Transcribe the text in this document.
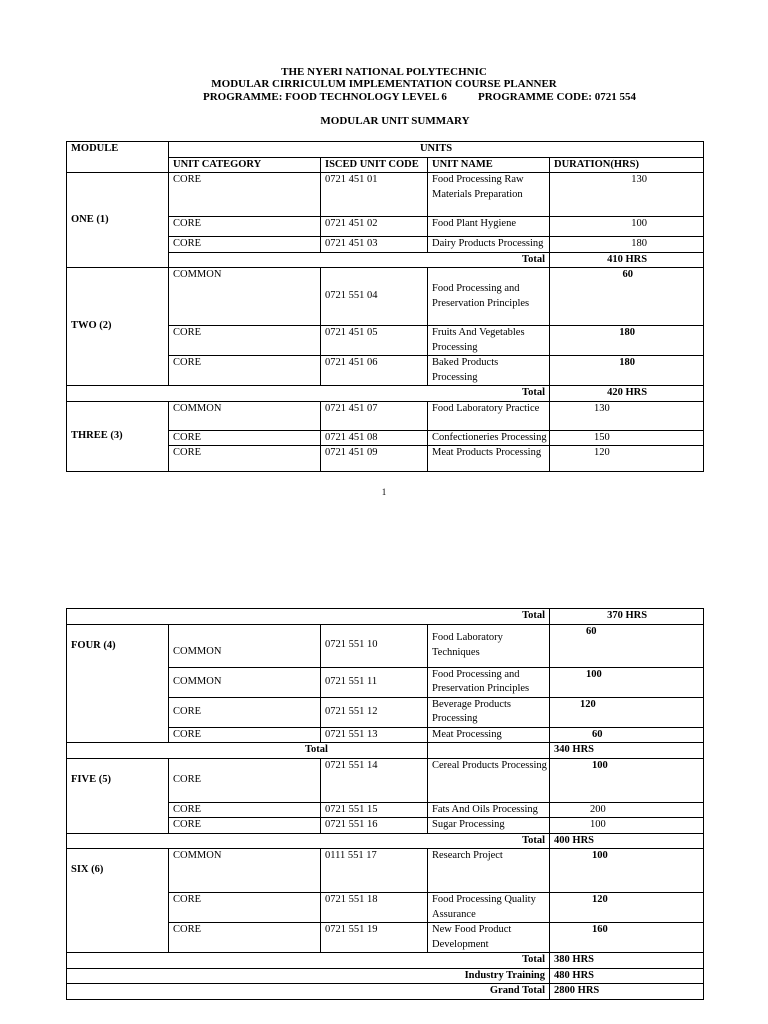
THE NYERI NATIONAL POLYTECHNIC
MODULAR CIRRICULUM IMPLEMENTATION COURSE PLANNER
PROGRAMME: FOOD TECHNOLOGY LEVEL 6	PROGRAMME CODE: 0721 554
MODULAR UNIT SUMMARY
MODULE	UNITS			
	UNIT CATEGORY	ISCED UNIT CODE	UNIT NAME	DURATION(HRS)
ONE (1)	CORE	0721 451 01	Food Processing Raw Materials Preparation	130
	CORE	0721 451 02	Food Plant Hygiene	100
	CORE	0721 451 03	Dairy Products Processing	180
	Total			410 HRS
TWO (2)	COMMON	0721 551 04	Food Processing and Preservation Principles	60
	CORE	0721 451 05	Fruits And Vegetables Processing	180
	CORE	0721 451 06	Baked Products Processing	180
Total				420 HRS
THREE (3)	COMMON	0721 451 07	Food Laboratory Practice	130
	CORE	0721 451 08	Confectioneries Processing	150
	CORE	0721 451 09	Meat Products Processing	120
1
Total				370 HRS
FOUR (4)	COMMON	0721 551 10	Food Laboratory Techniques	60
	COMMON	0721 551 11	Food Processing and Preservation Principles	100
	CORE	0721 551 12	Beverage Products Processing	120
	CORE	0721 551 13	Meat Processing	60
Total				340 HRS
FIVE (5)	CORE	0721 551 14	Cereal Products Processing	100
	CORE	0721 551 15	Fats And Oils Processing	200
	CORE	0721 551 16	Sugar Processing	100
Total				400 HRS
SIX (6)	COMMON	0111 551 17	Research Project	100
	CORE	0721 551 18	Food Processing Quality Assurance	120
	CORE	0721 551 19	New Food Product Development	160
	Total			380 HRS
Industry Training				480 HRS
Grand Total				2800 HRS
